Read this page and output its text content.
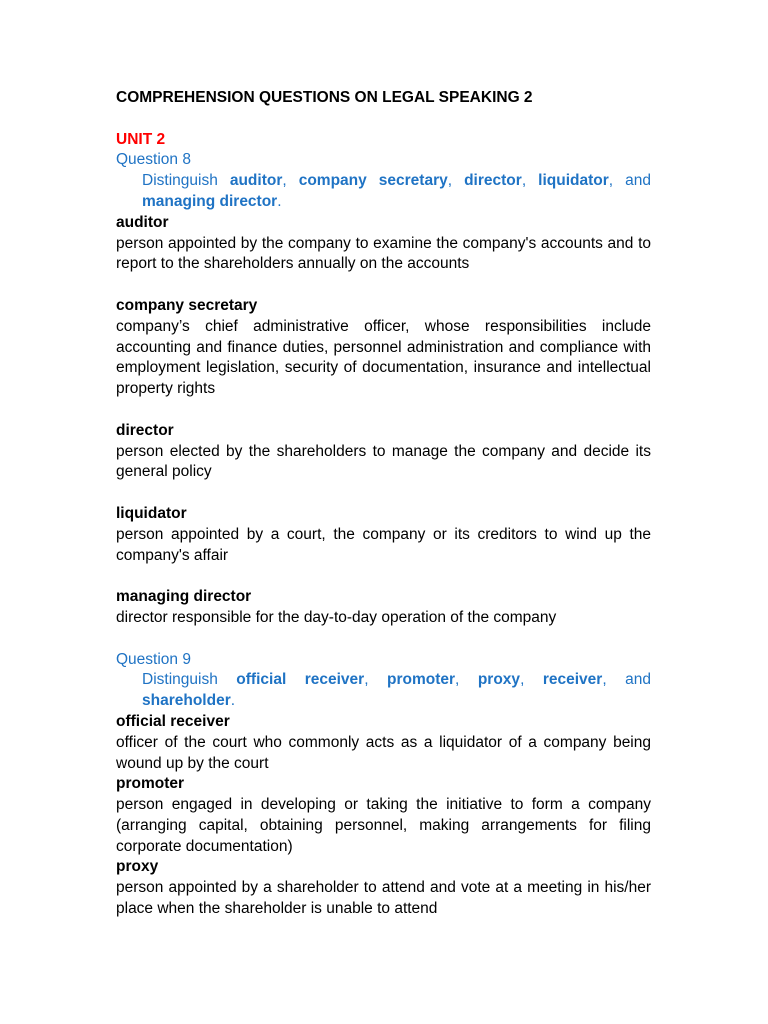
COMPREHENSION QUESTIONS ON LEGAL SPEAKING 2
UNIT 2
Question 8
Distinguish auditor, company secretary, director, liquidator, and managing director.
auditor
person appointed by the company to examine the company's accounts and to report to the shareholders annually on the accounts
company secretary
company’s chief administrative officer, whose responsibilities include accounting and finance duties, personnel administration and compliance with employment legislation, security of documentation, insurance and intellectual property rights
director
person elected by the shareholders to manage the company and decide its general policy
liquidator
person appointed by a court, the company or its creditors to wind up the company's affair
managing director
director responsible for the day-to-day operation of the company
Question 9
Distinguish official receiver, promoter, proxy, receiver, and shareholder.
official receiver
officer of the court who commonly acts as a liquidator of a company being wound up by the court
promoter
person engaged in developing or taking the initiative to form a company (arranging capital, obtaining personnel, making arrangements for filing corporate documentation)
proxy
person appointed by a shareholder to attend and vote at a meeting in his/her place when the shareholder is unable to attend
